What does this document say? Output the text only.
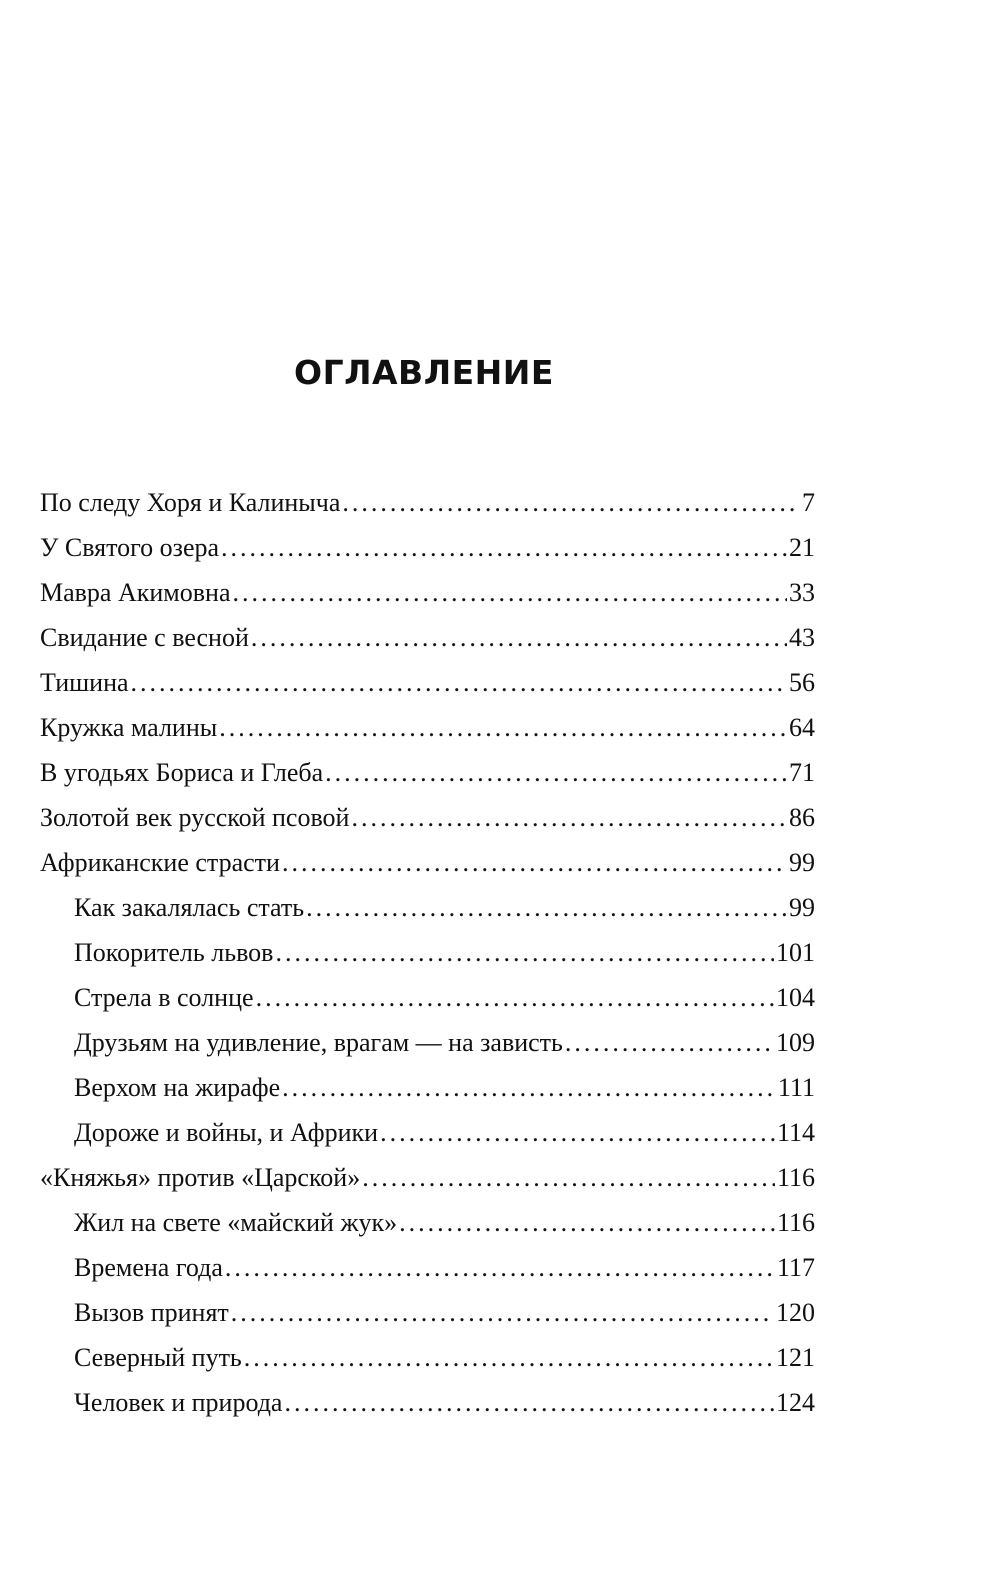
ОГЛАВЛЕНИЕ
По следу Хоря и Калиныча .....	7
У Святого озера .....	21
Мавра Акимовна .....	33
Свидание с весной .....	43
Тишина .....	56
Кружка малины .....	64
В угодьях Бориса и Глеба .....	71
Золотой век русской псовой .....	86
Африканские страсти .....	99
Как закалялась стать .....	99
Покоритель львов .....	101
Стрела в солнце .....	104
Друзьям на удивление, врагам — на зависть .....	109
Верхом на жирафе .....	111
Дороже и войны, и Африки .....	114
«Княжья» против «Царской» .....	116
Жил на свете «майский жук» .....	116
Времена года .....	117
Вызов принят .....	120
Северный путь .....	121
Человек и природа .....	124
